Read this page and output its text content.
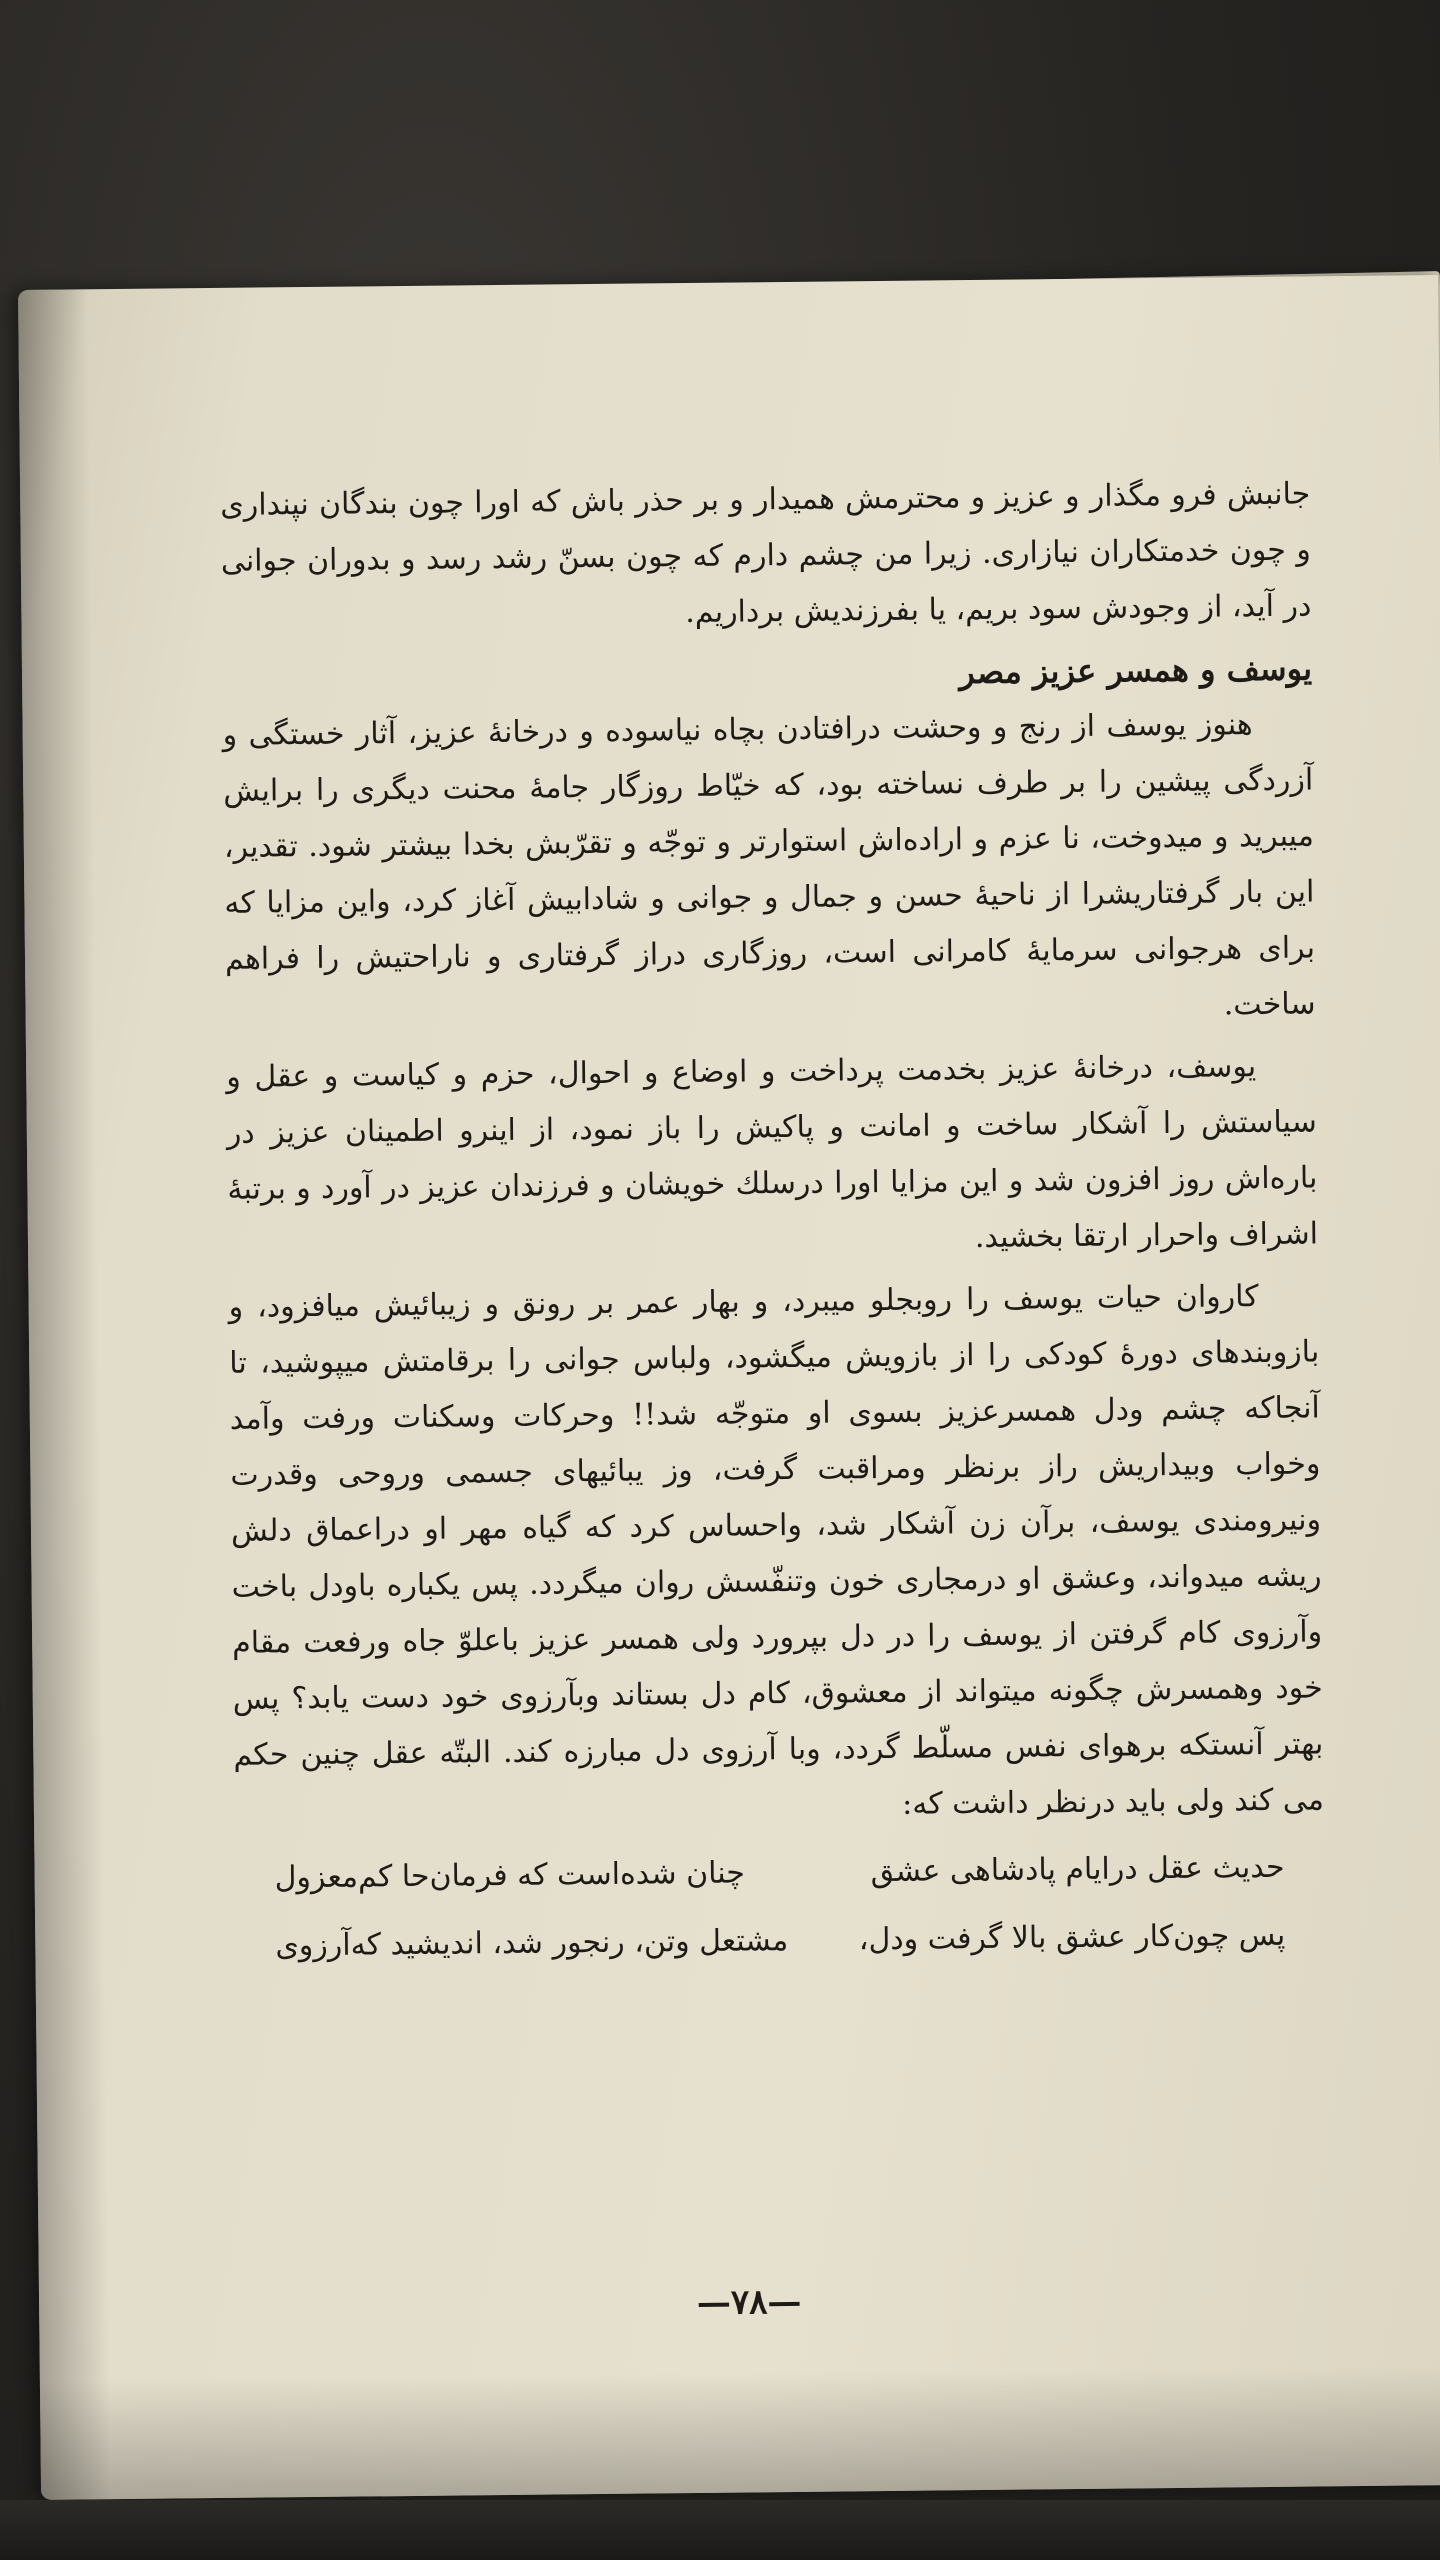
جانبش فرو مگذار و عزیز و محترمش همیدار و بر حذر باش که اورا چون بندگان نپنداری و چون خدمتکاران نیازاری. زیرا من چشم دارم که چون بسنّ رشد رسد و بدوران جوانی در آید، از وجودش سود بریم، یا بفرزندیش برداریم.

یوسف و همسر عزیز مصر

هنوز یوسف از رنج و وحشت درافتادن بچاه نیاسوده و درخانهٔ عزیز، آثار خستگی و آزردگی پیشین را بر طرف نساخته بود، که خیّاط روزگار جامهٔ محنت دیگری را برایش میبرید و میدوخت، نا عزم و اراده‌اش استوارتر و توجّه و تقرّبش بخدا بیشتر شود. تقدیر، این بار گرفتاریشرا از ناحیهٔ حسن و جمال و جوانی و شادابیش آغاز کرد، واین مزایا که برای هرجوانی سرمایهٔ کامرانی است، روزگاری دراز گرفتاری و ناراحتیش را فراهم ساخت.

یوسف، درخانهٔ عزیز بخدمت پرداخت و اوضاع و احوال، حزم و کیاست و عقل و سیاستش را آشکار ساخت و امانت و پاکیش را باز نمود، از اینرو اطمینان عزیز در باره‌اش روز افزون شد و این مزایا اورا درسلك خویشان و فرزندان عزیز در آورد و برتبهٔ اشراف واحرار ارتقا بخشید.

کاروان حیات یوسف را روبجلو میبرد، و بهار عمر بر رونق و زیبائیش میافزود، و بازوبندهای دورهٔ کودکی را از بازویش میگشود، ولباس جوانی را برقامتش میپوشید، تا آنجاکه چشم ودل همسرعزیز بسوی او متوجّه شد!! وحرکات وسکنات ورفت وآمد وخواب وبیداریش راز برنظر ومراقبت گرفت، وز یبائیهای جسمی وروحی وقدرت ونیرومندی یوسف، برآن زن آشکار شد، واحساس کرد که گیاه مهر او دراعماق دلش ریشه میدواند، وعشق او درمجاری خون وتنفّسش روان میگردد. پس یکباره باودل باخت وآرزوی کام گرفتن از یوسف را در دل بپرورد ولی همسر عزیز باعلوّ جاه ورفعت مقام خود وهمسرش چگونه میتواند از معشوق، کام دل بستاند وبآرزوی خود دست یابد؟ پس بهتر آنستکه برهوای نفس مسلّط گردد، وبا آرزوی دل مبارزه کند. البتّه عقل چنین حکم می کند ولی باید درنظر داشت که:

حدیث عقل درایام پادشاهی عشق
چنان شده‌است که فرمان‌حا کم‌معزول
پس چون‌کار عشق بالا گرفت ودل،
مشتعل وتن، رنجور شد، اندیشید که‌آرزوی
—۷۸—
